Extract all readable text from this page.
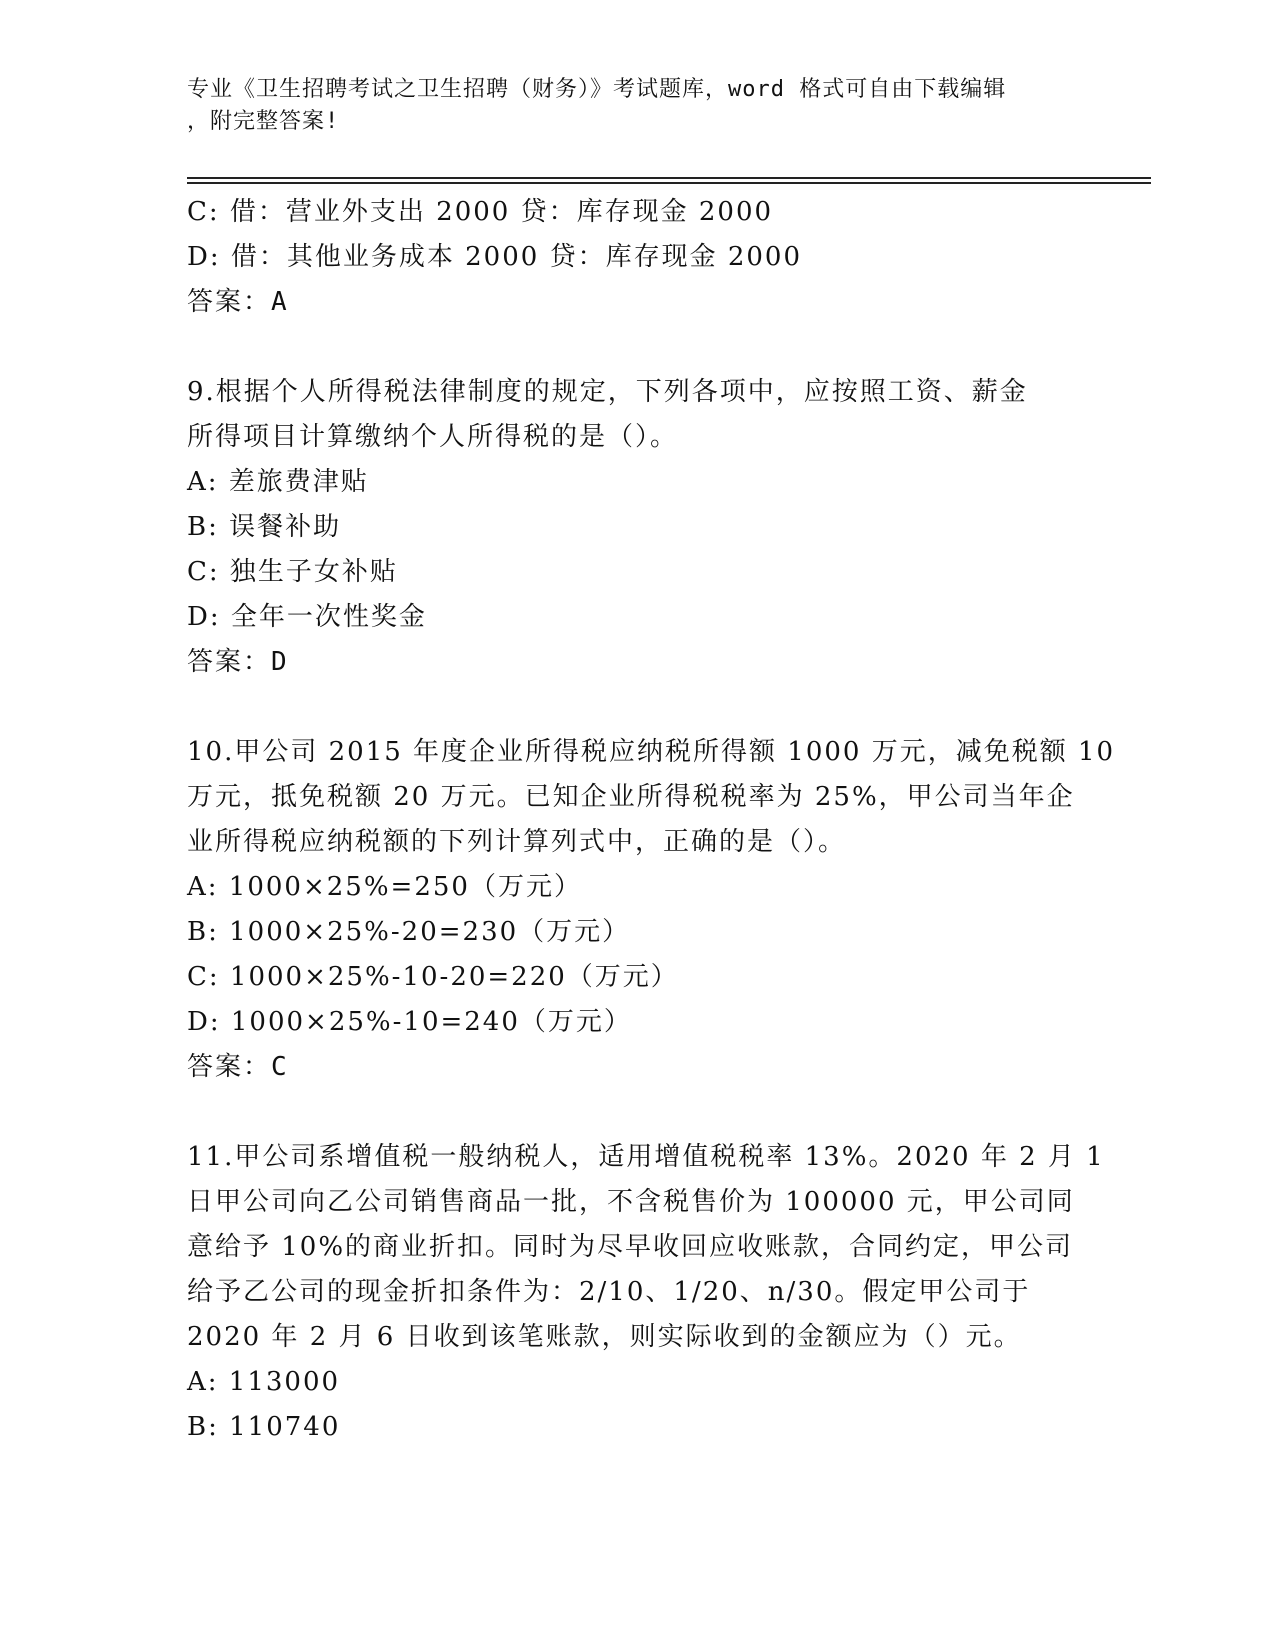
专业《卫生招聘考试之卫生招聘（财务）》考试题库，word 格式可自由下载编辑
，附完整答案!
C: 借：营业外支出 2000 贷：库存现金 2000
D: 借：其他业务成本 2000 贷：库存现金 2000
答案：A
9.根据个人所得税法律制度的规定，下列各项中，应按照工资、薪金
所得项目计算缴纳个人所得税的是（）。
A: 差旅费津贴
B: 误餐补助
C: 独生子女补贴
D: 全年一次性奖金
答案：D
10.甲公司 2015 年度企业所得税应纳税所得额 1000 万元，减免税额 10
万元，抵免税额 20 万元。已知企业所得税税率为 25%，甲公司当年企
业所得税应纳税额的下列计算列式中，正确的是（）。
A: 1000×25%=250（万元）
B: 1000×25%-20=230（万元）
C: 1000×25%-10-20=220（万元）
D: 1000×25%-10=240（万元）
答案：C
11.甲公司系增值税一般纳税人，适用增值税税率 13%。2020 年 2 月 1
日甲公司向乙公司销售商品一批，不含税售价为 100000 元，甲公司同
意给予 10%的商业折扣。同时为尽早收回应收账款，合同约定，甲公司
给予乙公司的现金折扣条件为：2/10、1/20、n/30。假定甲公司于
2020 年 2 月 6 日收到该笔账款，则实际收到的金额应为（）元。
A: 113000
B: 110740
